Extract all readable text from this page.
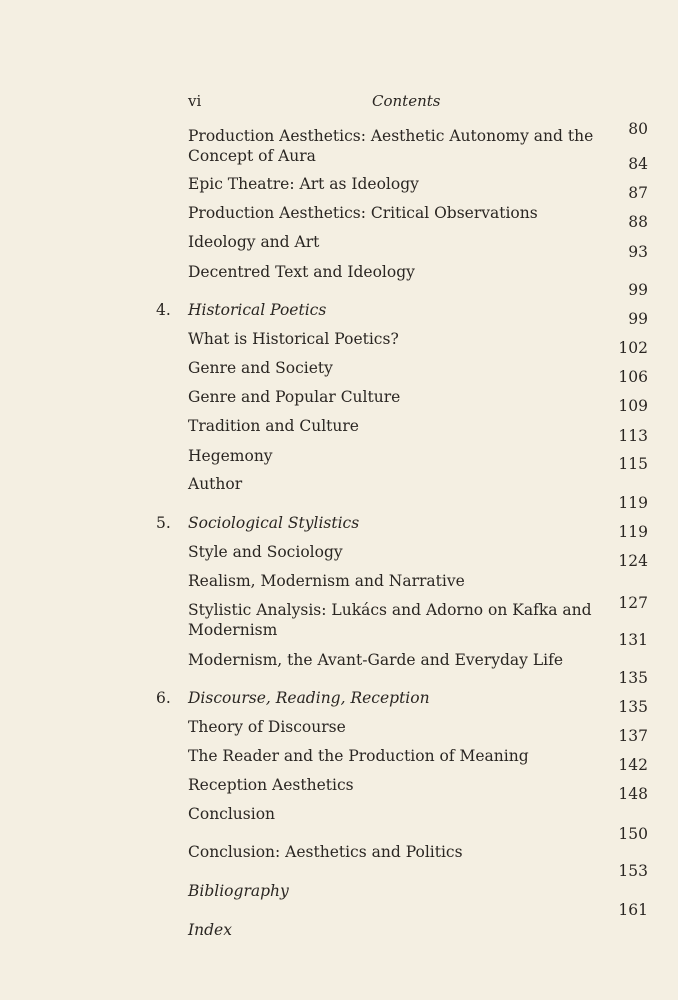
vi	Contents
Production Aesthetics: Aesthetic Autonomy and the Concept of Aura
80
Epic Theatre: Art as Ideology
84
Production Aesthetics: Critical Observations
87
Ideology and Art
88
Decentred Text and Ideology
93
4. Historical Poetics
99
What is Historical Poetics?
99
Genre and Society
102
Genre and Popular Culture
106
Tradition and Culture
109
Hegemony
113
Author
115
5. Sociological Stylistics
119
Style and Sociology
119
Realism, Modernism and Narrative
124
Stylistic Analysis: Lukács and Adorno on Kafka and Modernism
127
Modernism, the Avant-Garde and Everyday Life
131
6. Discourse, Reading, Reception
135
Theory of Discourse
135
The Reader and the Production of Meaning
137
Reception Aesthetics
142
Conclusion
148
Conclusion: Aesthetics and Politics
150
Bibliography
153
Index
161
